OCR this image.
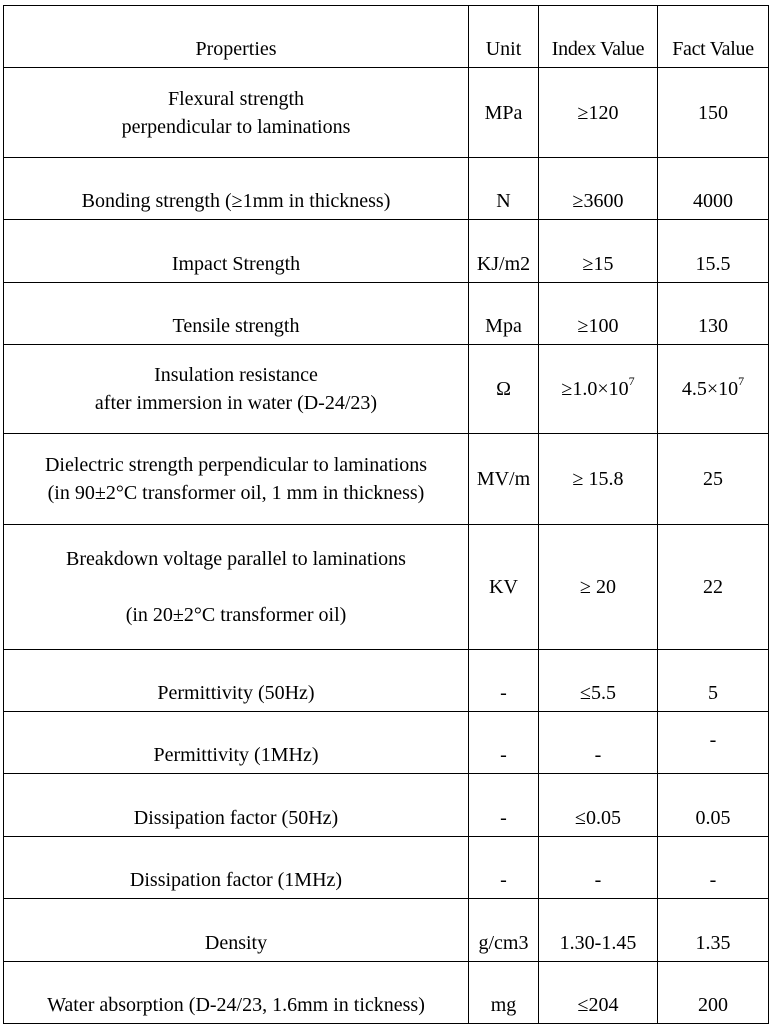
Properties	Unit	Index Value	Fact Value

Flexural strength
perpendicular to laminations	MPa	≥120	150
Bonding strength (≥1mm in thickness)	N	≥3600	4000
Impact Strength	KJ/m2	≥15	15.5
Tensile strength	Mpa	≥100	130

Insulation resistance
after immersion in water (D-24/23)	Ω	$\ge 1.0\times 10^7$	$4.5\times 10^7$

Dielectric strength perpendicular to laminations
(in 90±2°C transformer oil, 1 mm in thickness)	MV/m	≥ 15.8	25

Breakdown voltage parallel to laminations
(in 20±2°C transformer oil)	KV	≥ 20	22
Permittivity (50Hz)	-	≤5.5	5
Permittivity (1MHz)	-	-	-
Dissipation factor (50Hz)	-	≤0.05	0.05
Dissipation factor (1MHz)	-	-	-
Density	g/cm3	1.30-1.45	1.35
Water absorption (D-24/23, 1.6mm in tickness)	mg	≤204	200
